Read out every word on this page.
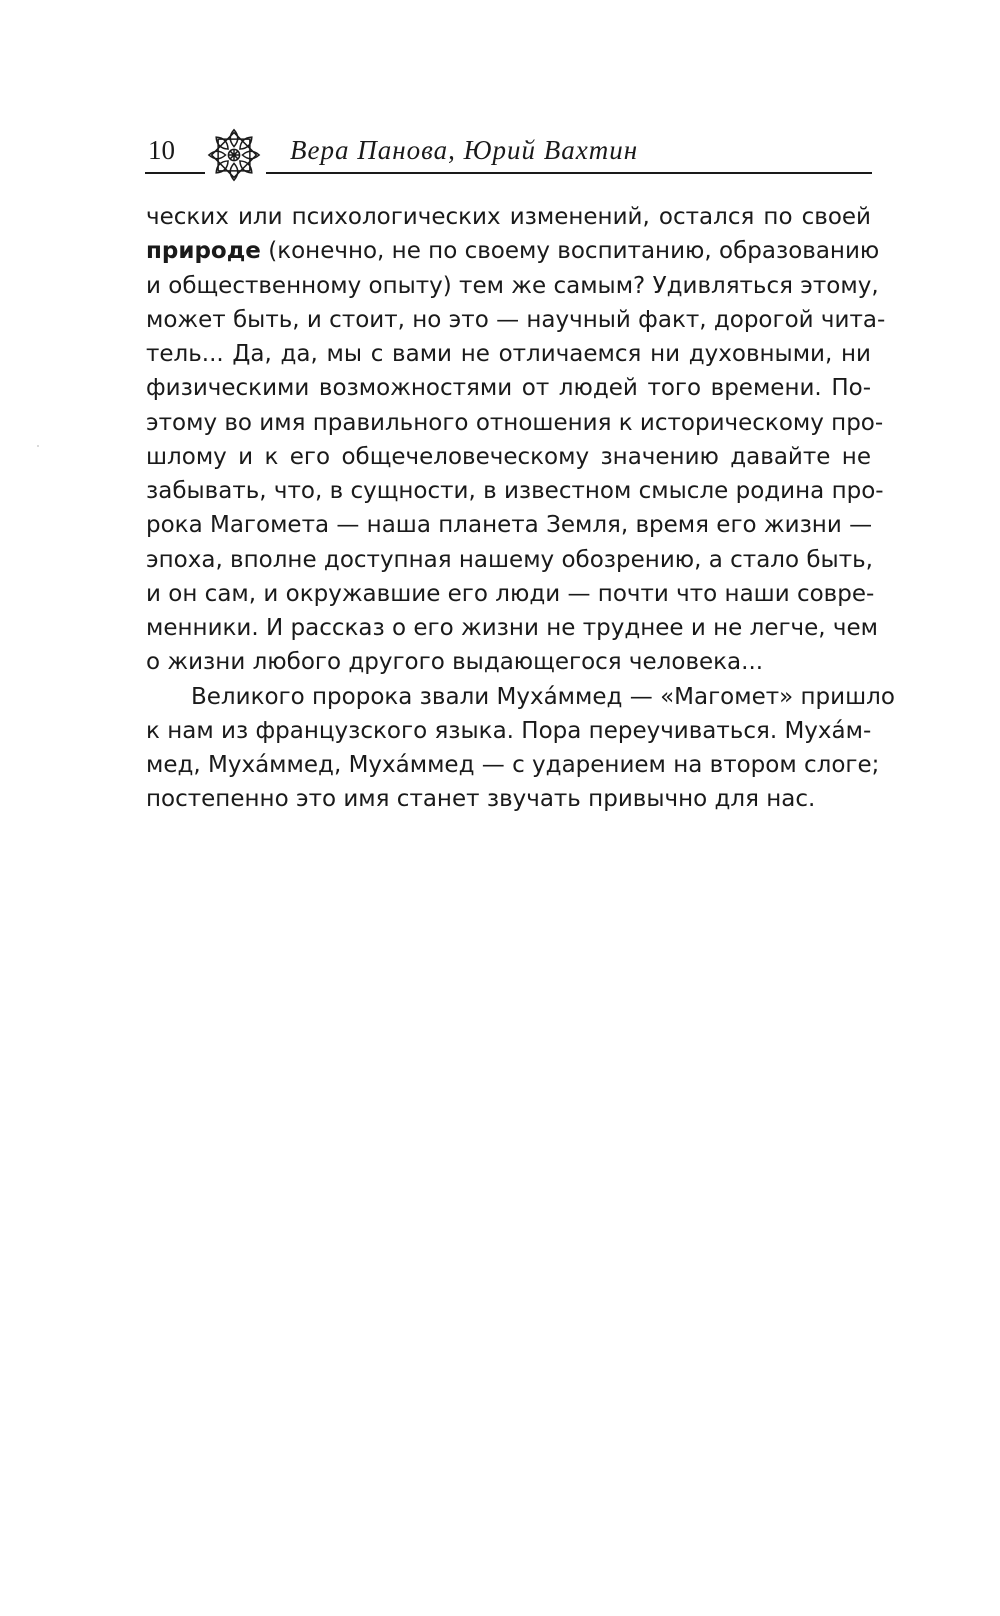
10	Вера Панова, Юрий Вахтин
ческих или психологических изменений, остался по своей
природе (конечно, не по своему воспитанию, образованию
и общественному опыту) тем же самым? Удивляться этому,
может быть, и стоит, но это — научный факт, дорогой чита-
тель... Да, да, мы с вами не отличаемся ни духовными, ни
физическими возможностями от людей того времени. По-
этому во имя правильного отношения к историческому про-
шлому и к его общечеловеческому значению давайте не
забывать, что, в сущности, в известном смысле родина про-
рока Магомета — наша планета Земля, время его жизни —
эпоха, вполне доступная нашему обозрению, а стало быть,
и он сам, и окружавшие его люди — почти что наши совре-
менники. И рассказ о его жизни не труднее и не легче, чем
о жизни любого другого выдающегося человека...
Великого пророка звали Мухáммед — «Магомет» пришло
к нам из французского языка. Пора переучиваться. Мухáм-
мед, Мухáммед, Мухáммед — с ударением на втором слоге;
постепенно это имя станет звучать привычно для нас.
